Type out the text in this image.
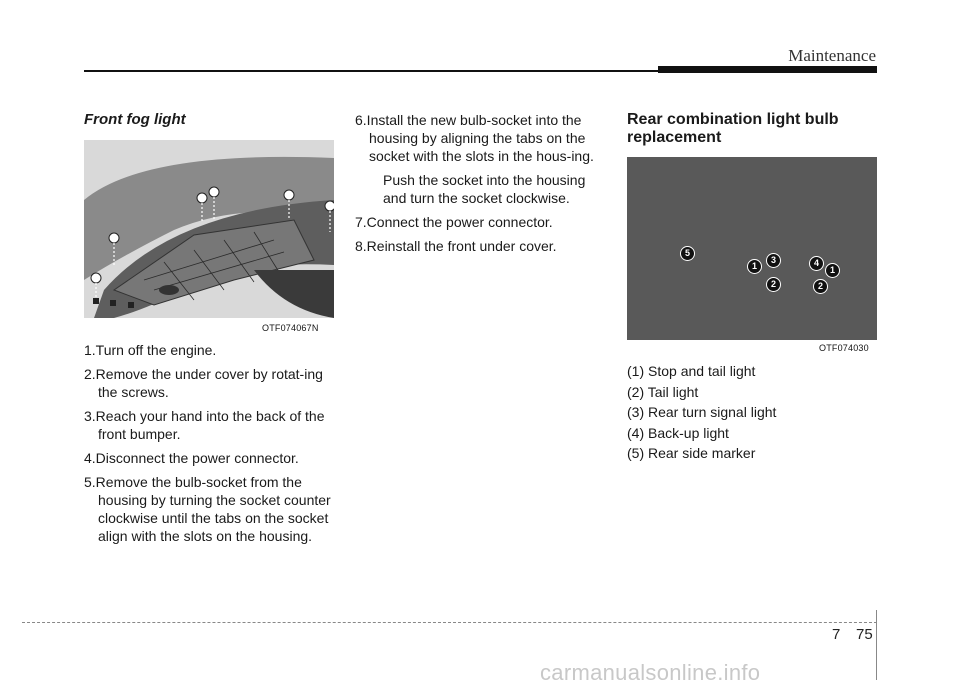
Maintenance
Front fog light
OTF074067N
1.Turn off the engine.
2.Remove the under cover by rotat-ing the screws.
3.Reach your hand into the back of the front bumper.
4.Disconnect the power connector.
5.Remove the bulb-socket from the housing by turning the socket counter clockwise until the tabs on the socket align with the slots on the housing.
6.Install the new bulb-socket into the housing by aligning the tabs on the socket with the slots in the hous-ing.
Push the socket into the housing and turn the socket clockwise.
7.Connect the power connector.
8.Reinstall the front under cover.
Rear combination light bulb replacement
5
1
3	4
1
2	2
OTF074030
(1) Stop and tail light
(2) Tail light
(3) Rear turn signal light
(4) Back-up light
(5) Rear side marker
7 75
carmanualsonline.info
